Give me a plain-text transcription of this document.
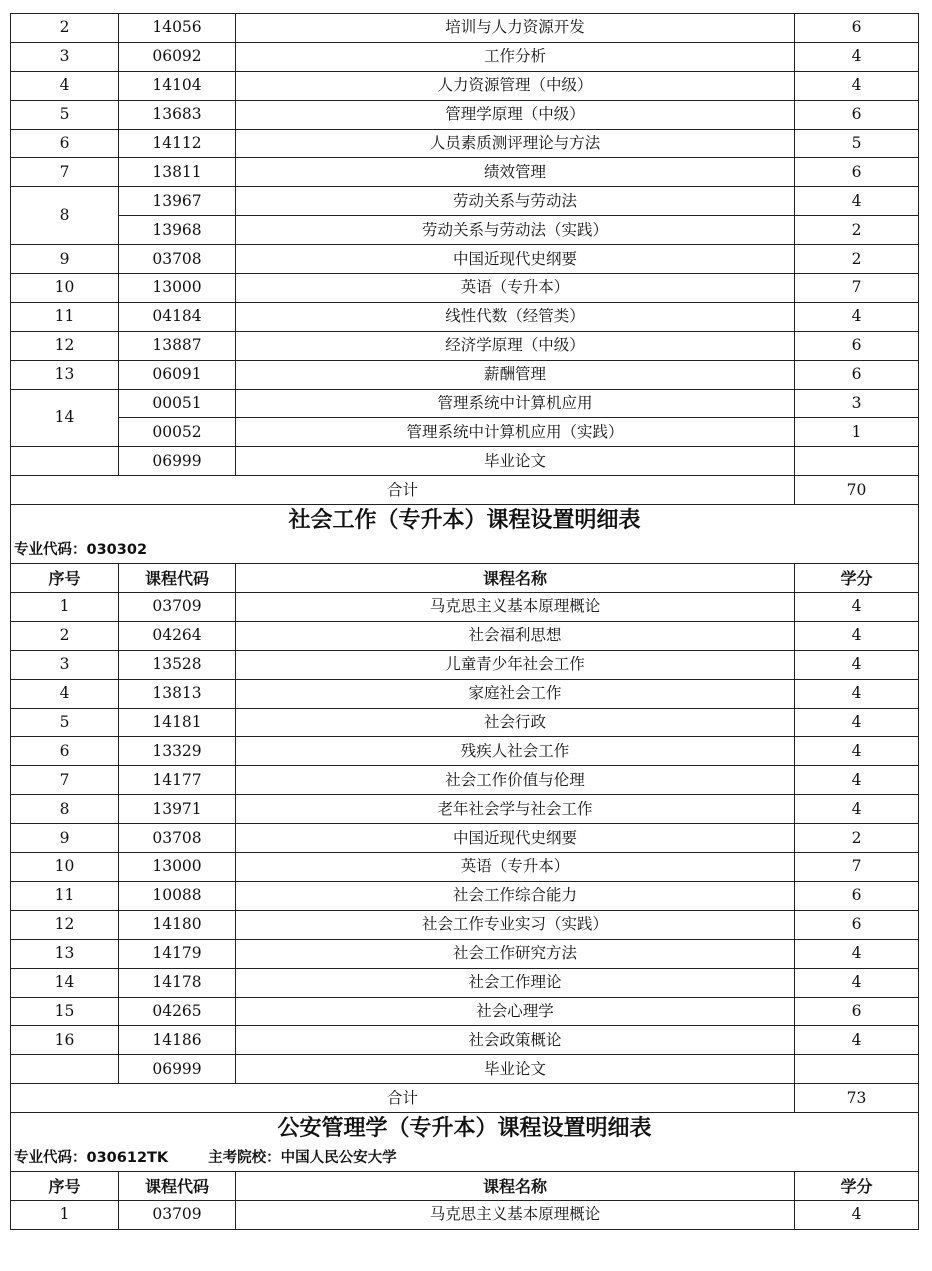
2	14056	培训与人力资源开发	6
3	06092	工作分析	4
4	14104	人力资源管理（中级）	4
5	13683	管理学原理（中级）	6
6	14112	人员素质测评理论与方法	5
7	13811	绩效管理	6
8	13967	劳动关系与劳动法	4
	13968	劳动关系与劳动法（实践）	2
9	03708	中国近现代史纲要	2
10	13000	英语（专升本）	7
11	04184	线性代数（经管类）	4
12	13887	经济学原理（中级）	6
13	06091	薪酬管理	6
14	00051	管理系统中计算机应用	3
	00052	管理系统中计算机应用（实践）	1
	06999	毕业论文	
合计			70
社会工作（专升本）课程设置明细表			
专业代码：030302			
序号	课程代码	课程名称	学分
1	03709	马克思主义基本原理概论	4
2	04264	社会福利思想	4
3	13528	儿童青少年社会工作	4
4	13813	家庭社会工作	4
5	14181	社会行政	4
6	13329	残疾人社会工作	4
7	14177	社会工作价值与伦理	4
8	13971	老年社会学与社会工作	4
9	03708	中国近现代史纲要	2
10	13000	英语（专升本）	7
11	10088	社会工作综合能力	6
12	14180	社会工作专业实习（实践）	6
13	14179	社会工作研究方法	4
14	14178	社会工作理论	4
15	04265	社会心理学	6
16	14186	社会政策概论	4
	06999	毕业论文	
合计			73
公安管理学（专升本）课程设置明细表			
专业代码：030612TK 主考院校：中国人民公安大学			
序号	课程代码	课程名称	学分
1	03709	马克思主义基本原理概论	4
